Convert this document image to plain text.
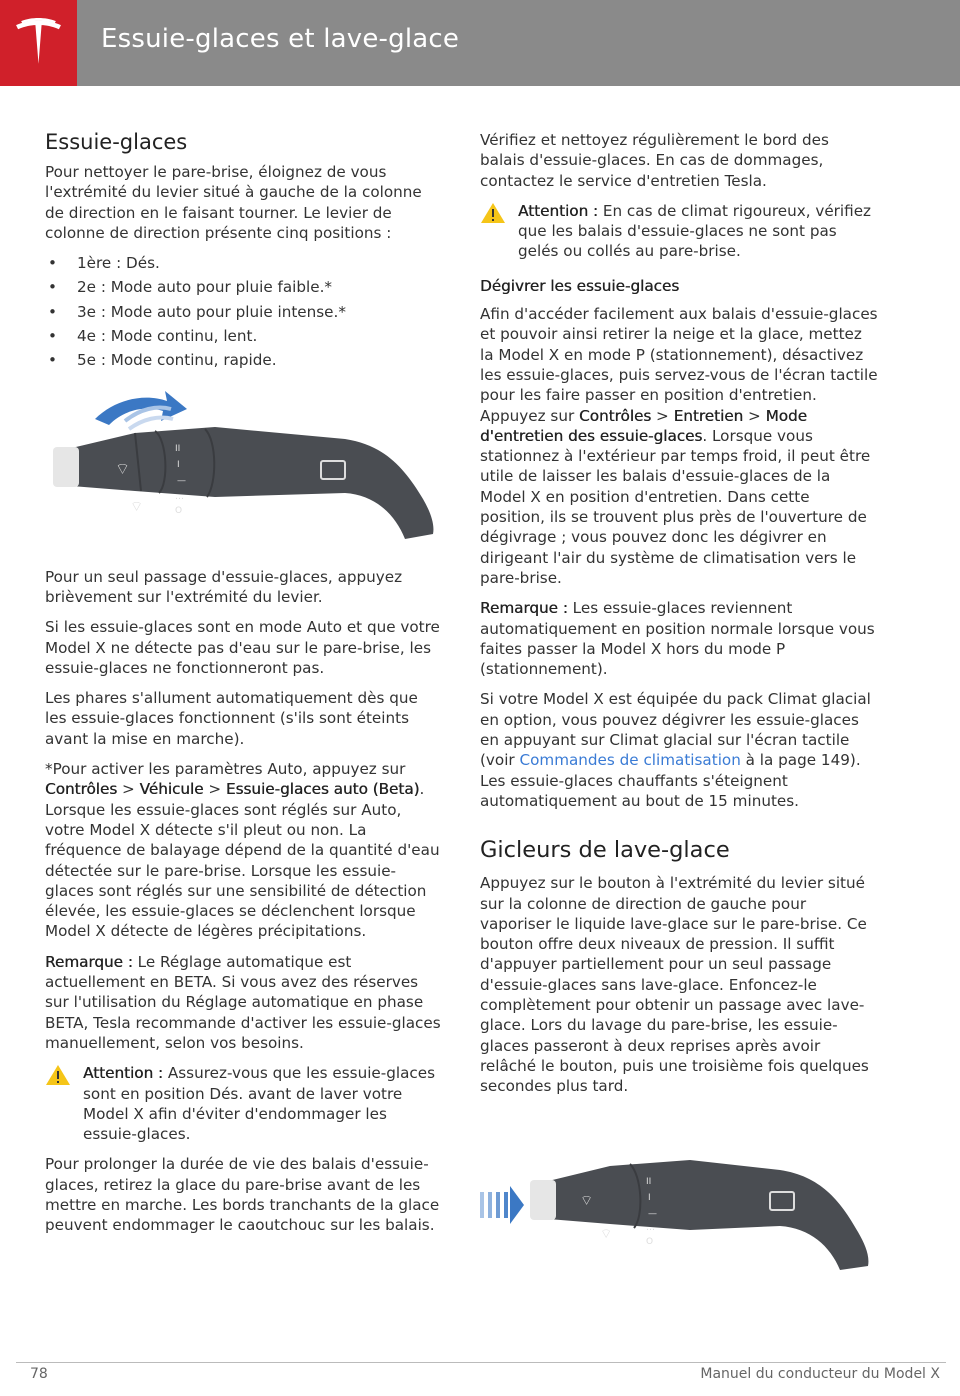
Essuie-glaces et lave-glace
Essuie-glaces

Pour nettoyer le pare-brise, éloignez de vous l'extrémité du levier situé à gauche de la colonne de direction en le faisant tourner. Le levier de colonne de direction présente cinq positions :

• 1ère : Dés.
• 2e : Mode auto pour pluie faible.*
• 3e : Mode auto pour pluie intense.*
• 4e : Mode continu, lent.
• 5e : Mode continu, rapide.
⌔
⌔
II
I
—
…
O

Pour un seul passage d'essuie-glaces, appuyez brièvement sur l'extrémité du levier.

Si les essuie-glaces sont en mode Auto et que votre Model X ne détecte pas d'eau sur le pare-brise, les essuie-glaces ne fonctionneront pas.

Les phares s'allument automatiquement dès que les essuie-glaces fonctionnent (s'ils sont éteints avant la mise en marche).

*Pour activer les paramètres Auto, appuyez sur Contrôles > Véhicule > Essuie-glaces auto (Beta). Lorsque les essuie-glaces sont réglés sur Auto, votre Model X détecte s'il pleut ou non. La fréquence de balayage dépend de la quantité d'eau détectée sur le pare-brise. Lorsque les essuie-glaces sont réglés sur une sensibilité de détection élevée, les essuie-glaces se déclenchent lorsque Model X détecte de légères précipitations.

Remarque : Le Réglage automatique est actuellement en BETA. Si vous avez des réserves sur l'utilisation du Réglage automatique en phase BETA, Tesla recommande d'activer les essuie-glaces manuellement, selon vos besoins.

Attention : Assurez-vous que les essuie-glaces sont en position Dés. avant de laver votre Model X afin d'éviter d'endommager les essuie-glaces.

Pour prolonger la durée de vie des balais d'essuie-glaces, retirez la glace du pare-brise avant de les mettre en marche. Les bords tranchants de la glace peuvent endommager le caoutchouc sur les balais.

Vérifiez et nettoyez régulièrement le bord des balais d'essuie-glaces. En cas de dommages, contactez le service d'entretien Tesla.

Attention : En cas de climat rigoureux, vérifiez que les balais d'essuie-glaces ne sont pas gelés ou collés au pare-brise.
Dégivrer les essuie-glaces

Afin d'accéder facilement aux balais d'essuie-glaces et pouvoir ainsi retirer la neige et la glace, mettez la Model X en mode P (stationnement), désactivez les essuie-glaces, puis servez-vous de l'écran tactile pour les faire passer en position d'entretien. Appuyez sur Contrôles > Entretien > Mode d'entretien des essuie-glaces. Lorsque vous stationnez à l'extérieur par temps froid, il peut être utile de laisser les balais d'essuie-glaces de la Model X en position d'entretien. Dans cette position, ils se trouvent plus près de l'ouverture de dégivrage ; vous pouvez donc les dégivrer en dirigeant l'air du système de climatisation vers le pare-brise.

Remarque : Les essuie-glaces reviennent automatiquement en position normale lorsque vous faites passer la Model X hors du mode P (stationnement).

Si votre Model X est équipée du pack Climat glacial en option, vous pouvez dégivrer les essuie-glaces en appuyant sur Climat glacial sur l'écran tactile (voir Commandes de climatisation à la page 149). Les essuie-glaces chauffants s'éteignent automatiquement au bout de 15 minutes.

Gicleurs de lave-glace

Appuyez sur le bouton à l'extrémité du levier situé sur la colonne de direction de gauche pour vaporiser le liquide lave-glace sur le pare-brise. Ce bouton offre deux niveaux de pression. Il suffit d'appuyer partiellement pour un seul passage d'essuie-glaces sans lave-glace. Enfoncez-le complètement pour obtenir un passage avec lave-glace. Lors du lavage du pare-brise, les essuie-glaces passeront à deux reprises après avoir relâché le bouton, puis une troisième fois quelques secondes plus tard.

⌔
⌔
II
I
—
…
O
78	Manuel du conducteur du Model X
